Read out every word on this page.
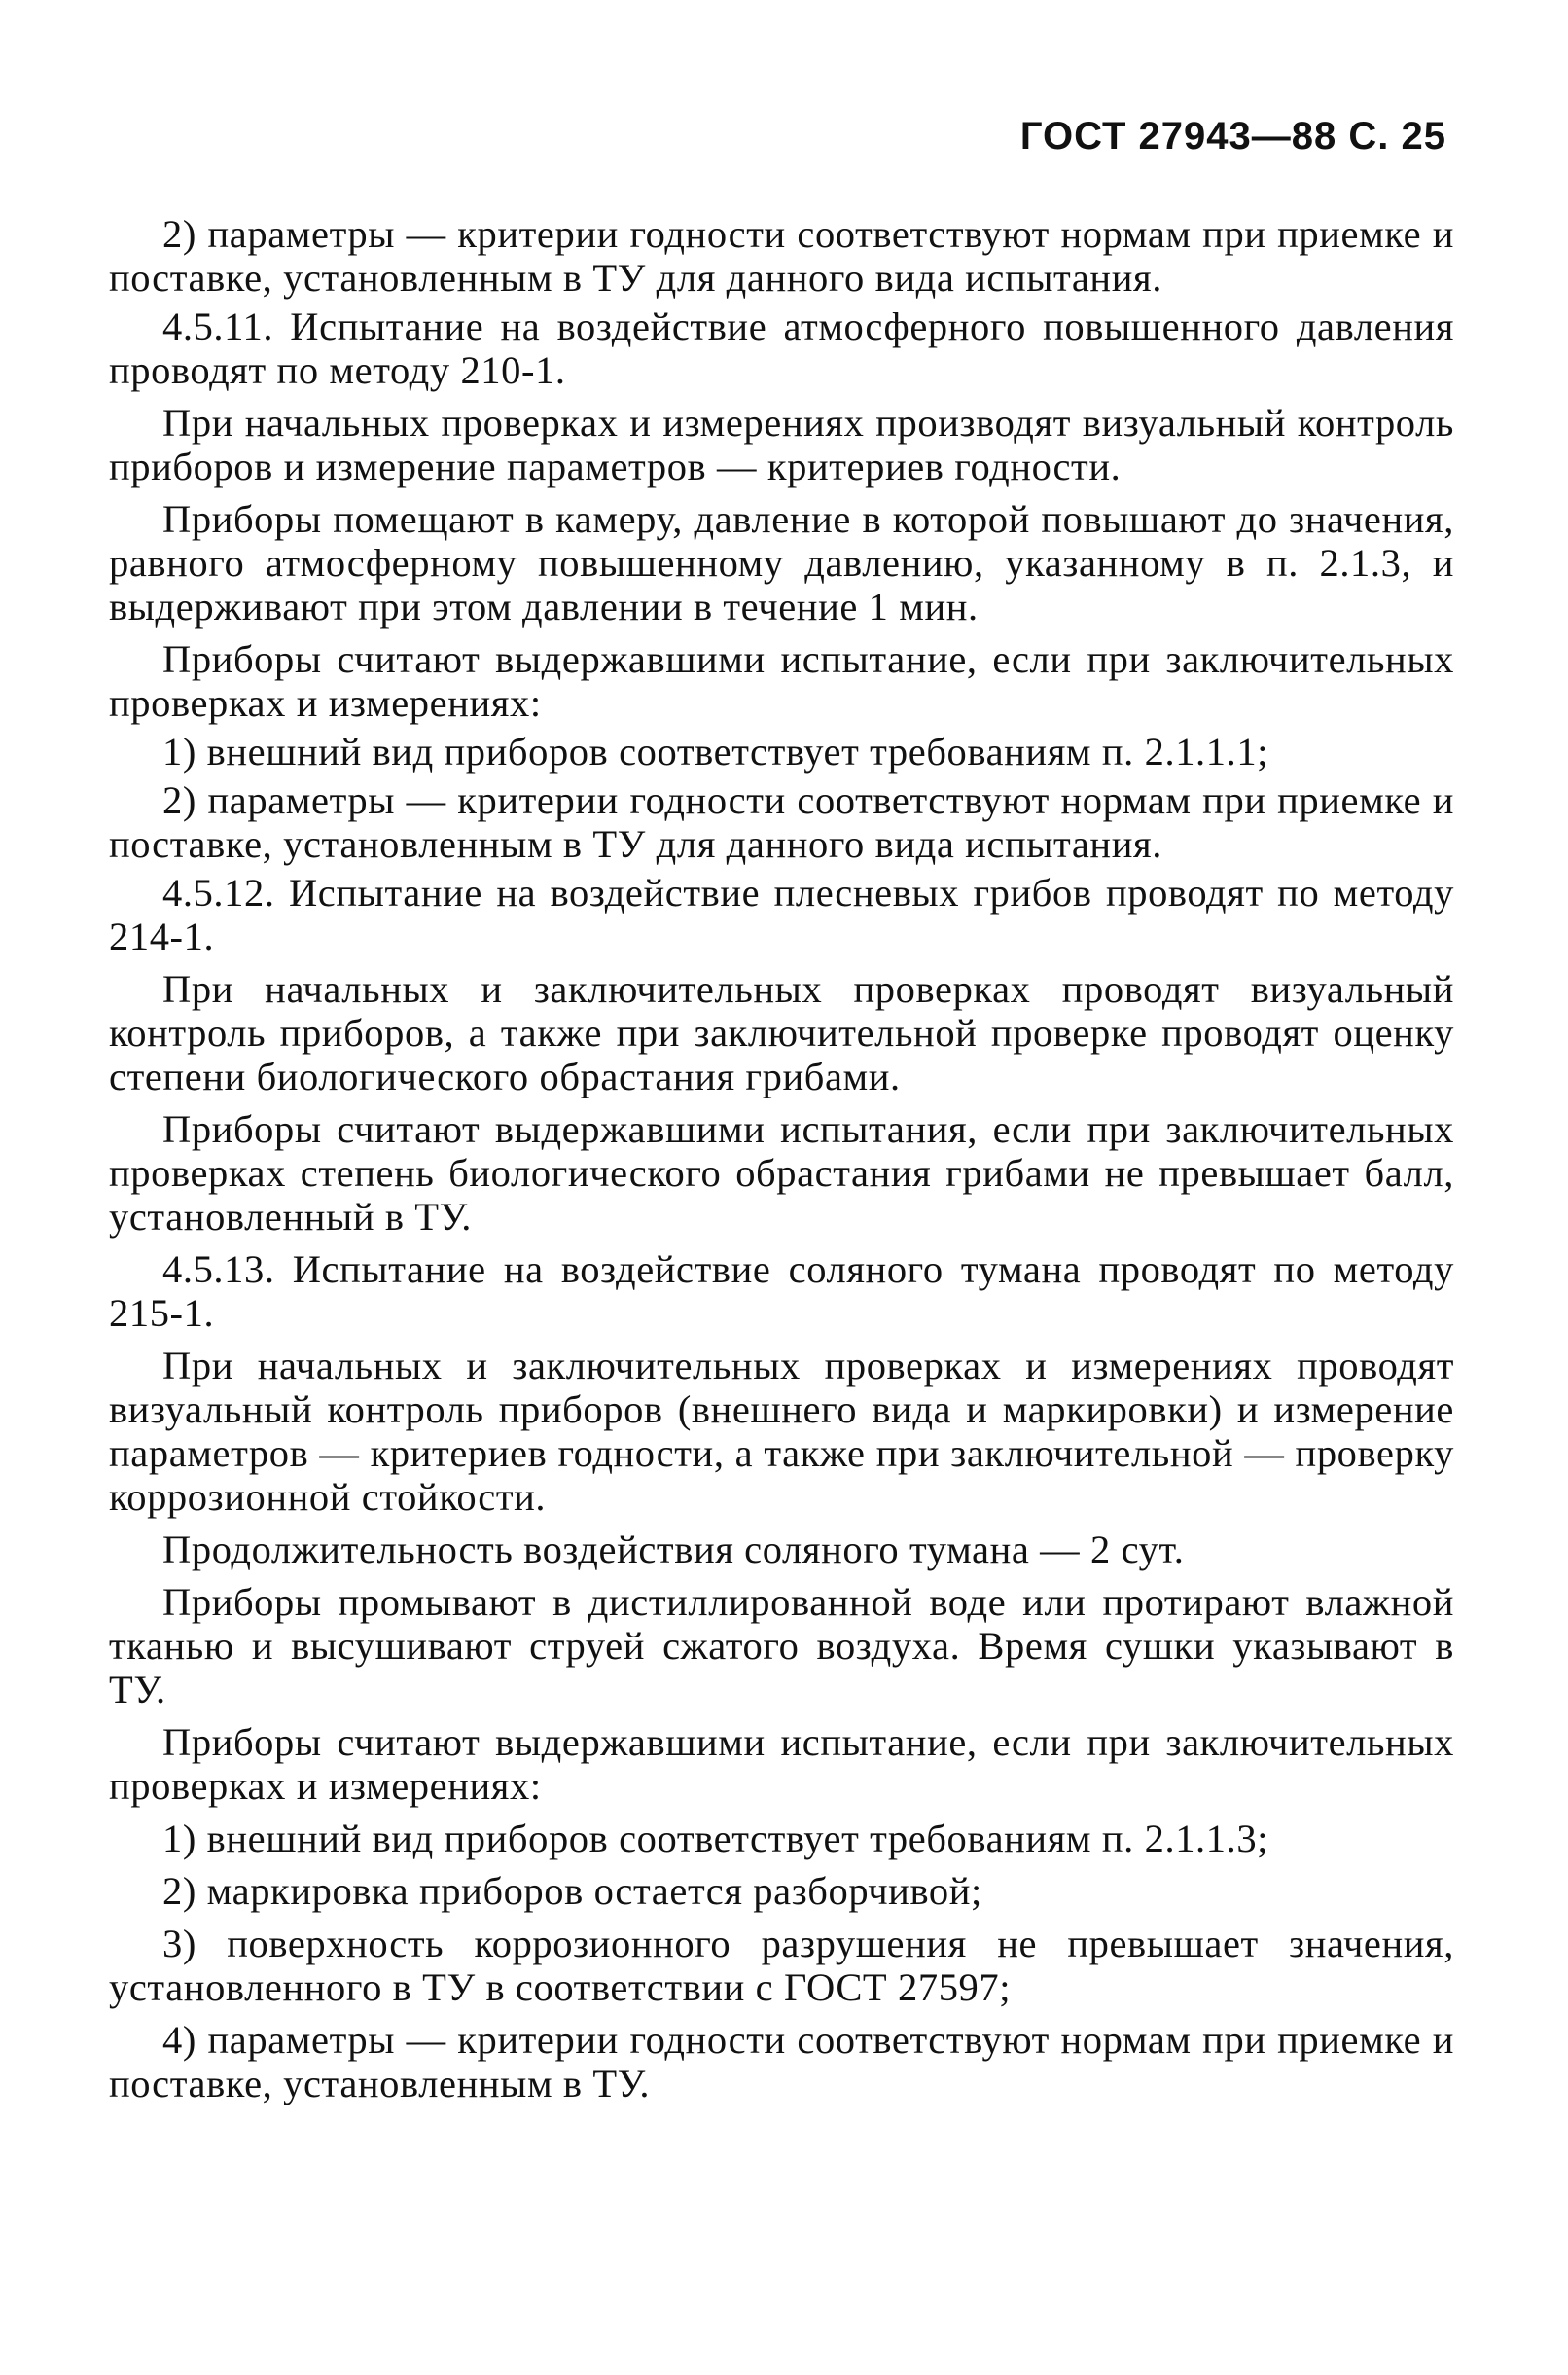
ГОСТ 27943—88 С. 25

2) параметры — критерии годности соответствуют нормам при приемке и поставке, установленным в ТУ для данного вида испытания.

4.5.11. Испытание на воздействие атмосферного повышенного давления проводят по методу 210-1.

При начальных проверках и измерениях производят визуальный контроль приборов и измерение параметров — критериев годности.

Приборы помещают в камеру, давление в которой повышают до значения, равного атмосферному повышенному давлению, указанному в п. 2.1.3, и выдерживают при этом давлении в течение 1 мин.

Приборы считают выдержавшими испытание, если при заключительных проверках и измерениях:

1) внешний вид приборов соответствует требованиям п. 2.1.1.1;

2) параметры — критерии годности соответствуют нормам при приемке и поставке, установленным в ТУ для данного вида испытания.

4.5.12. Испытание на воздействие плесневых грибов проводят по методу 214-1.

При начальных и заключительных проверках проводят визуальный контроль приборов, а также при заключительной проверке проводят оценку степени биологического обрастания грибами.

Приборы считают выдержавшими испытания, если при заключительных проверках степень биологического обрастания грибами не превышает балл, установленный в ТУ.

4.5.13. Испытание на воздействие соляного тумана проводят по методу 215-1.

При начальных и заключительных проверках и измерениях проводят визуальный контроль приборов (внешнего вида и маркировки) и измерение параметров — критериев годности, а также при заключительной — проверку коррозионной стойкости.

Продолжительность воздействия соляного тумана — 2 сут.

Приборы промывают в дистиллированной воде или протирают влажной тканью и высушивают струей сжатого воздуха. Время сушки указывают в ТУ.

Приборы считают выдержавшими испытание, если при заключительных проверках и измерениях:

1) внешний вид приборов соответствует требованиям п. 2.1.1.3;

2) маркировка приборов остается разборчивой;

3) поверхность коррозионного разрушения не превышает значения, установленного в ТУ в соответствии с ГОСТ 27597;

4) параметры — критерии годности соответствуют нормам при приемке и поставке, установленным в ТУ.
